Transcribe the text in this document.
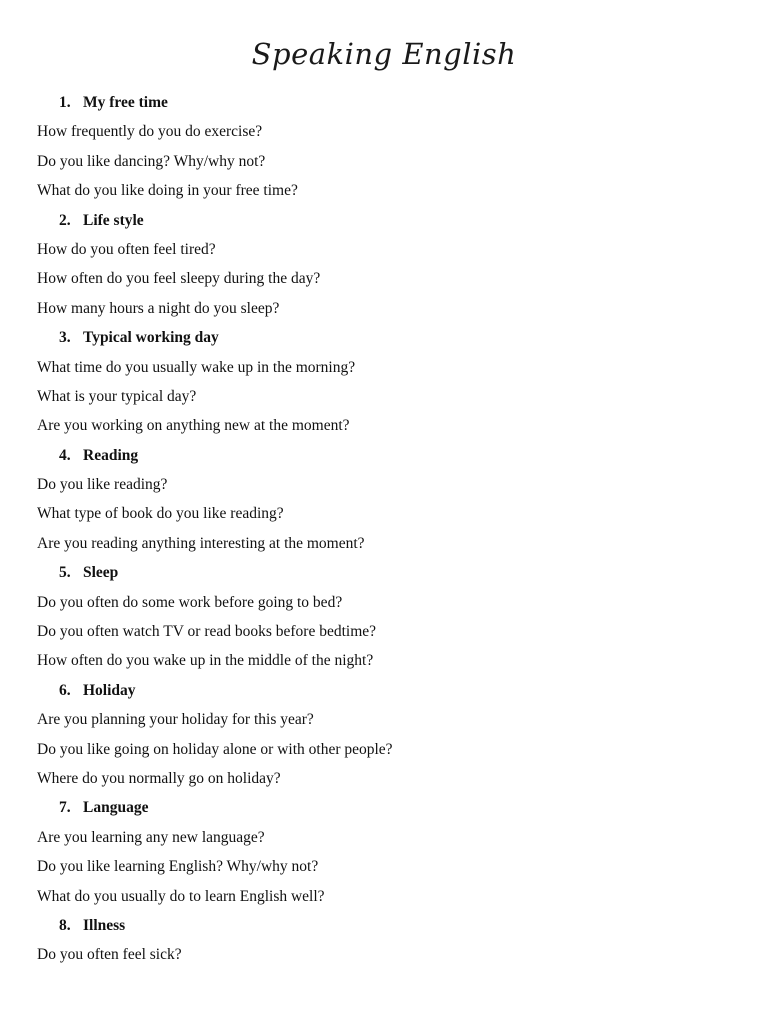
Speaking English
1. My free time
How frequently do you do exercise?
Do you like dancing? Why/why not?
What do you like doing in your free time?
2. Life style
How do you often feel tired?
How often do you feel sleepy during the day?
How many hours a night do you sleep?
3. Typical working day
What time do you usually wake up in the morning?
What is your typical day?
Are you working on anything new at the moment?
4. Reading
Do you like reading?
What type of book do you like reading?
Are you reading anything interesting at the moment?
5. Sleep
Do you often do some work before going to bed?
Do you often watch TV or read books before bedtime?
How often do you wake up in the middle of the night?
6. Holiday
Are you planning your holiday for this year?
Do you like going on holiday alone or with other people?
Where do you normally go on holiday?
7. Language
Are you learning any new language?
Do you like learning English? Why/why not?
What do you usually do to learn English well?
8. Illness
Do you often feel sick?
